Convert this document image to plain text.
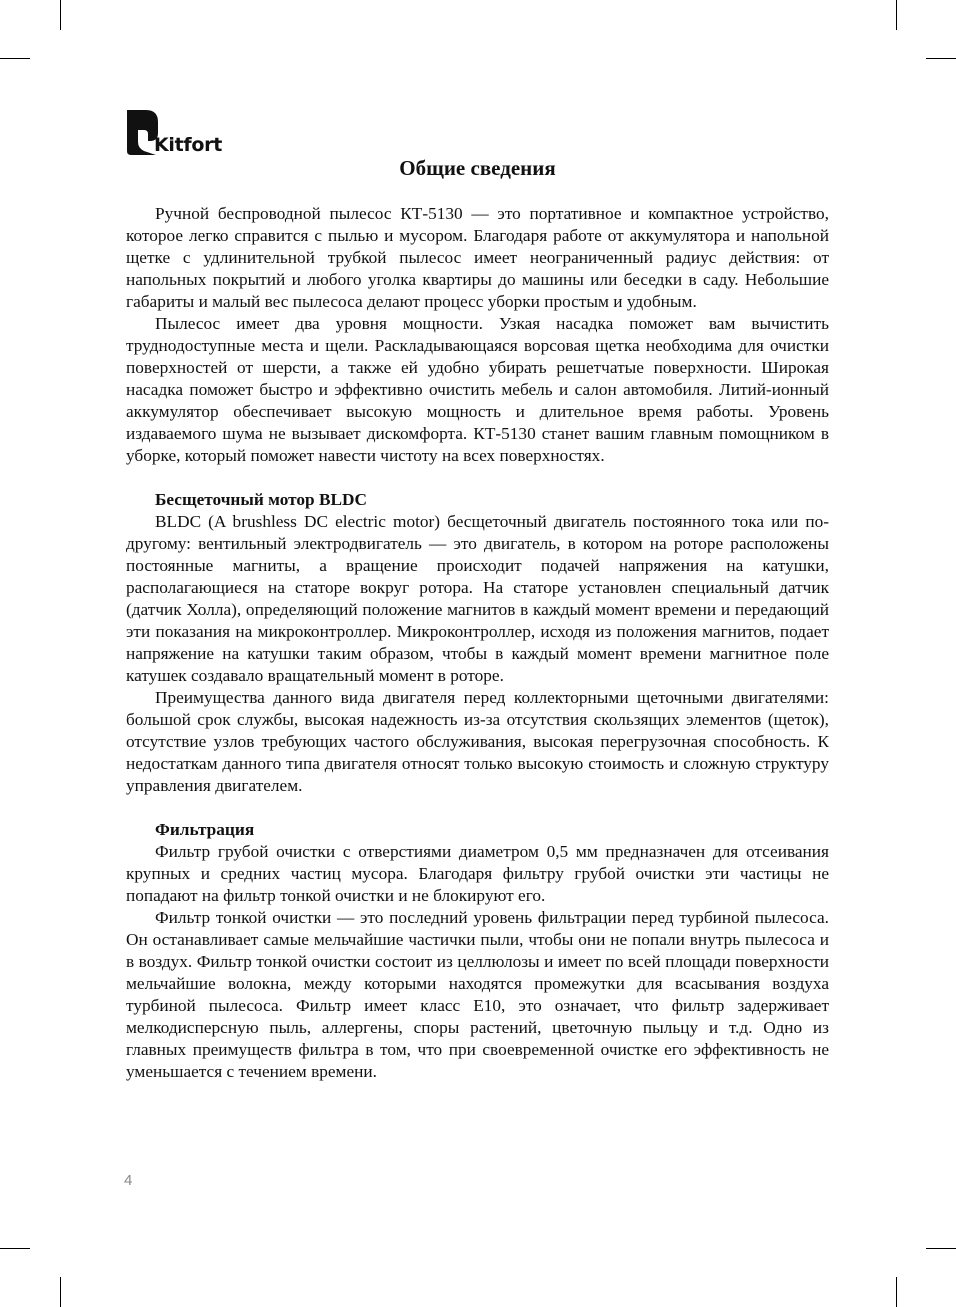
Kitfort
Общие сведения

Ручной беспроводной пылесос КТ-5130 — это портативное и компактное устройство, которое легко справится с пылью и мусором. Благодаря работе от аккумулятора и напольной щетке с удлинительной трубкой пылесос имеет неограниченный радиус действия: от напольных покрытий и любого уголка квартиры до машины или беседки в саду. Небольшие габариты и малый вес пылесоса делают процесс уборки простым и удобным.

Пылесос имеет два уровня мощности. Узкая насадка поможет вам вычистить труднодоступные места и щели. Раскладывающаяся ворсовая щетка необходима для очистки поверхностей от шерсти, а также ей удобно убирать решетчатые поверхности. Широкая насадка поможет быстро и эффективно очистить мебель и салон автомобиля. Литий-ионный аккумулятор обеспечивает высокую мощность и длительное время работы. Уровень издаваемого шума не вызывает дискомфорта. КТ-5130 станет вашим главным помощником в уборке, который поможет навести чистоту на всех поверхностях.

Бесщеточный мотор BLDC

BLDC (A brushless DC electric motor) бесщеточный двигатель постоянного тока или по-другому: вентильный электродвигатель — это двигатель, в котором на роторе расположены постоянные магниты, а вращение происходит подачей напряжения на катушки, располагающиеся на статоре вокруг ротора. На статоре установлен специальный датчик (датчик Холла), определяющий положение магнитов в каждый момент времени и передающий эти показания на микроконтроллер. Микроконтроллер, исходя из положения магнитов, подает напряжение на катушки таким образом, чтобы в каждый момент времени магнитное поле катушек создавало вращательный момент в роторе.

Преимущества данного вида двигателя перед коллекторными щеточными двигателями: большой срок службы, высокая надежность из-за отсутствия скользящих элементов (щеток), отсутствие узлов требующих частого обслуживания, высокая перегрузочная способность. К недостаткам данного типа двигателя относят только высокую стоимость и сложную структуру управления двигателем.

Фильтрация

Фильтр грубой очистки с отверстиями диаметром 0,5 мм предназначен для отсеивания крупных и средних частиц мусора. Благодаря фильтру грубой очистки эти частицы не попадают на фильтр тонкой очистки и не блокируют его.

Фильтр тонкой очистки — это последний уровень фильтрации перед турбиной пылесоса. Он останавливает самые мельчайшие частички пыли, чтобы они не попали внутрь пылесоса и в воздух. Фильтр тонкой очистки состоит из целлюлозы и имеет по всей площади поверхности мельчайшие волокна, между которыми находятся промежутки для всасывания воздуха турбиной пылесоса. Фильтр имеет класс Е10, это означает, что фильтр задерживает мелкодисперсную пыль, аллергены, споры растений, цветочную пыльцу и т.д. Одно из главных преимуществ фильтра в том, что при своевременной очистке его эффективность не уменьшается с течением времени.

4
